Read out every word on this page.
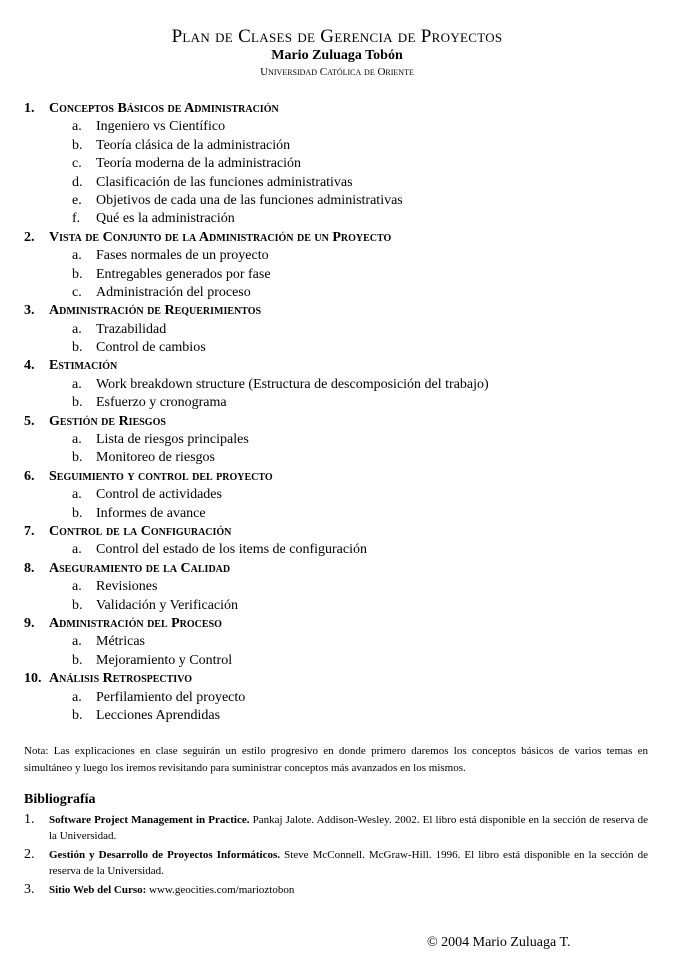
Plan de Clases de Gerencia de Proyectos
Mario Zuluaga Tobón
Universidad Católica de Oriente
1. Conceptos Básicos de Administración
a. Ingeniero vs Científico
b. Teoría clásica de la administración
c. Teoría moderna de la administración
d. Clasificación de las funciones administrativas
e. Objetivos de cada una de las funciones administrativas
f. Qué es la administración
2. Vista de Conjunto de la Administración de un Proyecto
a. Fases normales de un proyecto
b. Entregables generados por fase
c. Administración del proceso
3. Administración de Requerimientos
a. Trazabilidad
b. Control de cambios
4. Estimación
a. Work breakdown structure (Estructura de descomposición del trabajo)
b. Esfuerzo y cronograma
5. Gestión de Riesgos
a. Lista de riesgos principales
b. Monitoreo de riesgos
6. Seguimiento y control del proyecto
a. Control de actividades
b. Informes de avance
7. Control de la Configuración
a. Control del estado de los items de configuración
8. Aseguramiento de la Calidad
a. Revisiones
b. Validación y Verificación
9. Administración del Proceso
a. Métricas
b. Mejoramiento y Control
10. Análisis Retrospectivo
a. Perfilamiento del proyecto
b. Lecciones Aprendidas
Nota: Las explicaciones en clase seguirán un estilo progresivo en donde primero daremos los conceptos básicos de varios temas en simultáneo y luego los iremos revisitando para suministrar conceptos más avanzados en los mismos.
Bibliografía
1. Software Project Management in Practice. Pankaj Jalote. Addison-Wesley. 2002. El libro está disponible en la sección de reserva de la Universidad.
2. Gestión y Desarrollo de Proyectos Informáticos. Steve McConnell. McGraw-Hill. 1996. El libro está disponible en la sección de reserva de la Universidad.
3. Sitio Web del Curso: www.geocities.com/marioztobon
© 2004 Mario Zuluaga T.
